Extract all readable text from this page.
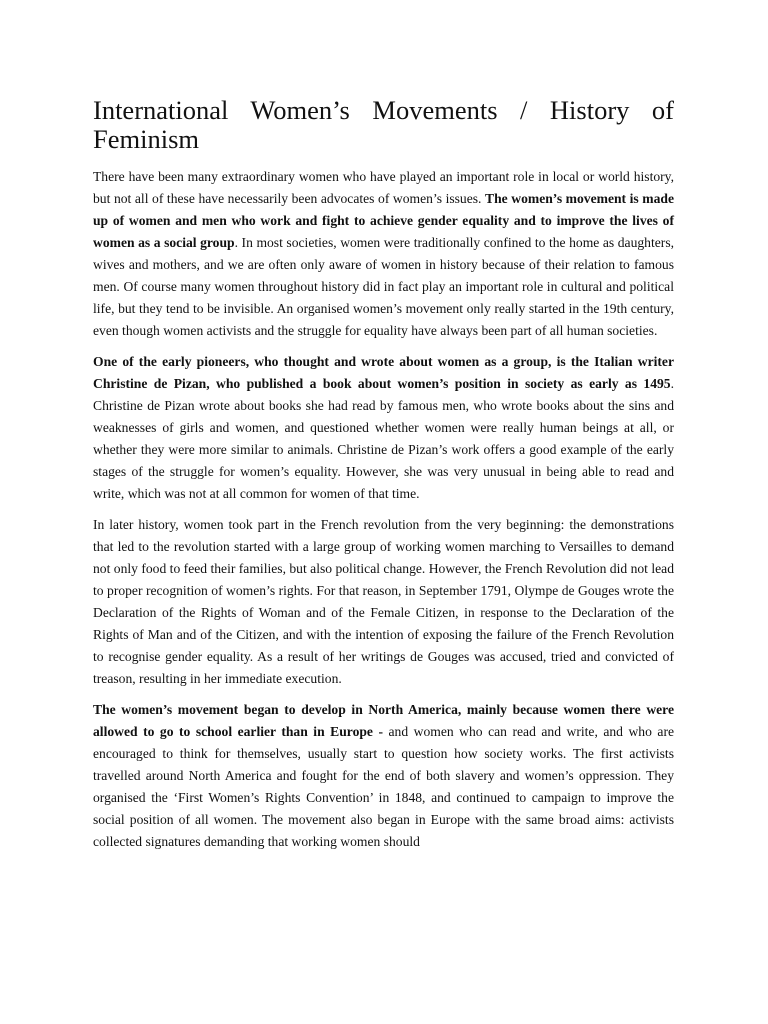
International Women’s Movements / History of Feminism

There have been many extraordinary women who have played an important role in local or world history, but not all of these have necessarily been advocates of women’s issues. The women’s movement is made up of women and men who work and fight to achieve gender equality and to improve the lives of women as a social group. In most societies, women were traditionally confined to the home as daughters, wives and mothers, and we are often only aware of women in history because of their relation to famous men. Of course many women throughout history did in fact play an important role in cultural and political life, but they tend to be invisible. An organised women’s movement only really started in the 19th century, even though women activists and the struggle for equality have always been part of all human societies.

One of the early pioneers, who thought and wrote about women as a group, is the Italian writer Christine de Pizan, who published a book about women’s position in society as early as 1495. Christine de Pizan wrote about books she had read by famous men, who wrote books about the sins and weaknesses of girls and women, and questioned whether women were really human beings at all, or whether they were more similar to animals. Christine de Pizan’s work offers a good example of the early stages of the struggle for women’s equality. However, she was very unusual in being able to read and write, which was not at all common for women of that time.

In later history, women took part in the French revolution from the very beginning: the demonstrations that led to the revolution started with a large group of working women marching to Versailles to demand not only food to feed their families, but also political change. However, the French Revolution did not lead to proper recognition of women’s rights. For that reason, in September 1791, Olympe de Gouges wrote the Declaration of the Rights of Woman and of the Female Citizen, in response to the Declaration of the Rights of Man and of the Citizen, and with the intention of exposing the failure of the French Revolution to recognise gender equality. As a result of her writings de Gouges was accused, tried and convicted of treason, resulting in her immediate execution.

The women’s movement began to develop in North America, mainly because women there were allowed to go to school earlier than in Europe - and women who can read and write, and who are encouraged to think for themselves, usually start to question how society works. The first activists travelled around North America and fought for the end of both slavery and women’s oppression. They organised the ‘First Women’s Rights Convention’ in 1848, and continued to campaign to improve the social position of all women. The movement also began in Europe with the same broad aims: activists collected signatures demanding that working women should
